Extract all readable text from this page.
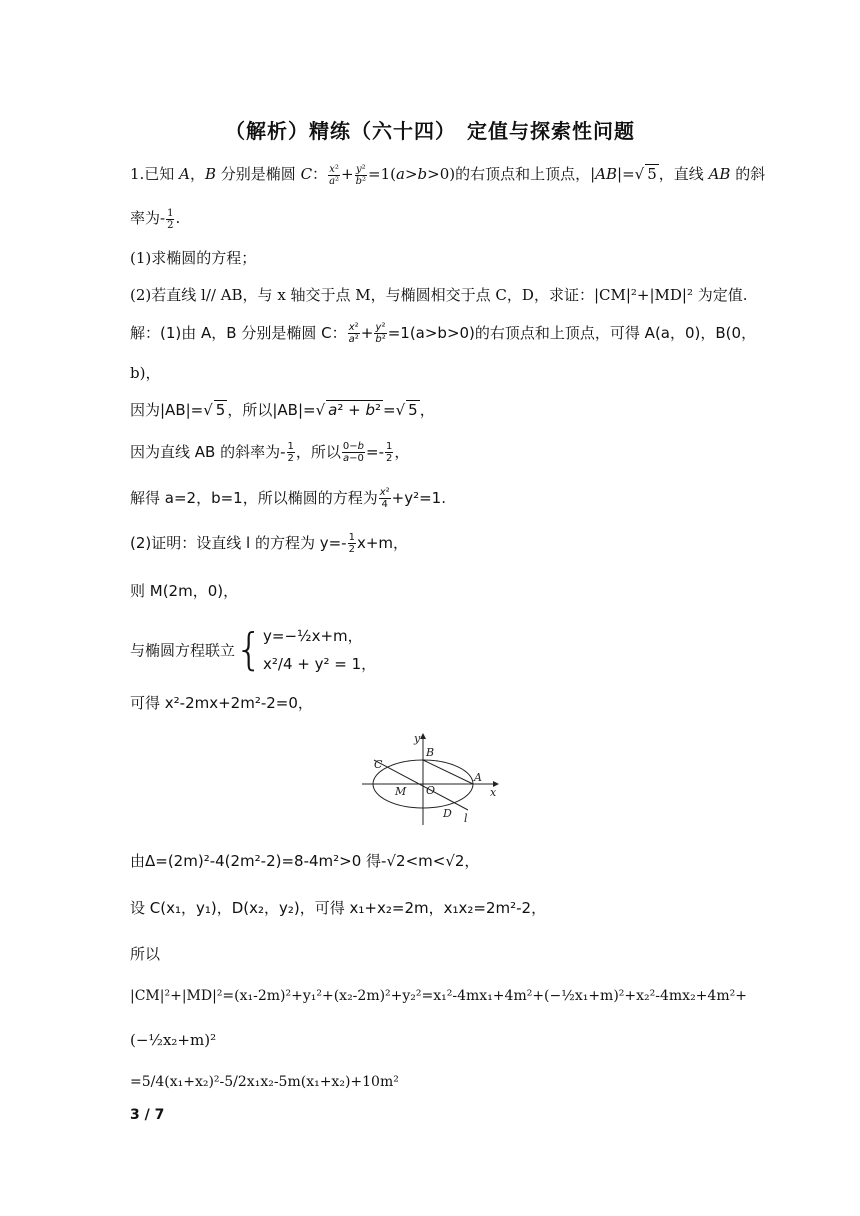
（解析）精练（六十四）　定值与探索性问题
1.已知 A，B 分别是椭圆 C： $\frac{\text{x²}}{\text{a²}} + \frac{\text{y²}}{\text{b²}} =1(a>b>0)$的右顶点和上顶点，|AB|=√ 5 ，直线 AB 的斜
率为- $\frac{1}{2}$ .
(1)求椭圆的方程；
(2)若直线 l// AB，与 x 轴交于点 M，与椭圆相交于点 C，D，求证：|CM|²+|MD|² 为定值.
解：(1)由 A，B 分别是椭圆 C： $\frac{\text{x²}}{\text{a²}} + \frac{\text{y²}}{\text{b²}} =1(a>b>0)$的右顶点和上顶点，可得 A(a，0)，B(0，
b)，
因为|AB|=√ 5 ，所以|AB|=√ a² + b² =√ 5 ，
因为直线 AB 的斜率为- $\frac{1}{2}$ ，所以 $\frac{0-b}{a-0} =- \frac{1}{2}$ ，
解得 a=2，b=1，所以椭圆的方程为 $\frac{\text{x²}}{4} +y^2=1$.
(2)证明：设直线 l 的方程为 $y=- \frac{1}{2} x+m$，
则 M(2m，0)，
与椭圆方程联立{y=−½x+m，
x²/4 + y² = 1，
可得 x²-2mx+2m²-2=0，
y
B
C
A
x
M O
D l
由Δ=(2m)²-4(2m²-2)=8-4m²>0 得-√2<m<√2，
设 C(x₁，y₁)，D(x₂，y₂)，可得 x₁+x₂=2m，x₁x₂=2m²-2，
所以
|CM|²+|MD|²=(x₁-2m)²+y₁²+(x₂-2m)²+y₂²=x₁²-4mx₁+4m²+(−½x₁+m)²+x₂²-4mx₂+4m²+
(−½x₂+m)²
=5/4(x₁+x₂)²-5/2x₁x₂-5m(x₁+x₂)+10m²
3 / 7
